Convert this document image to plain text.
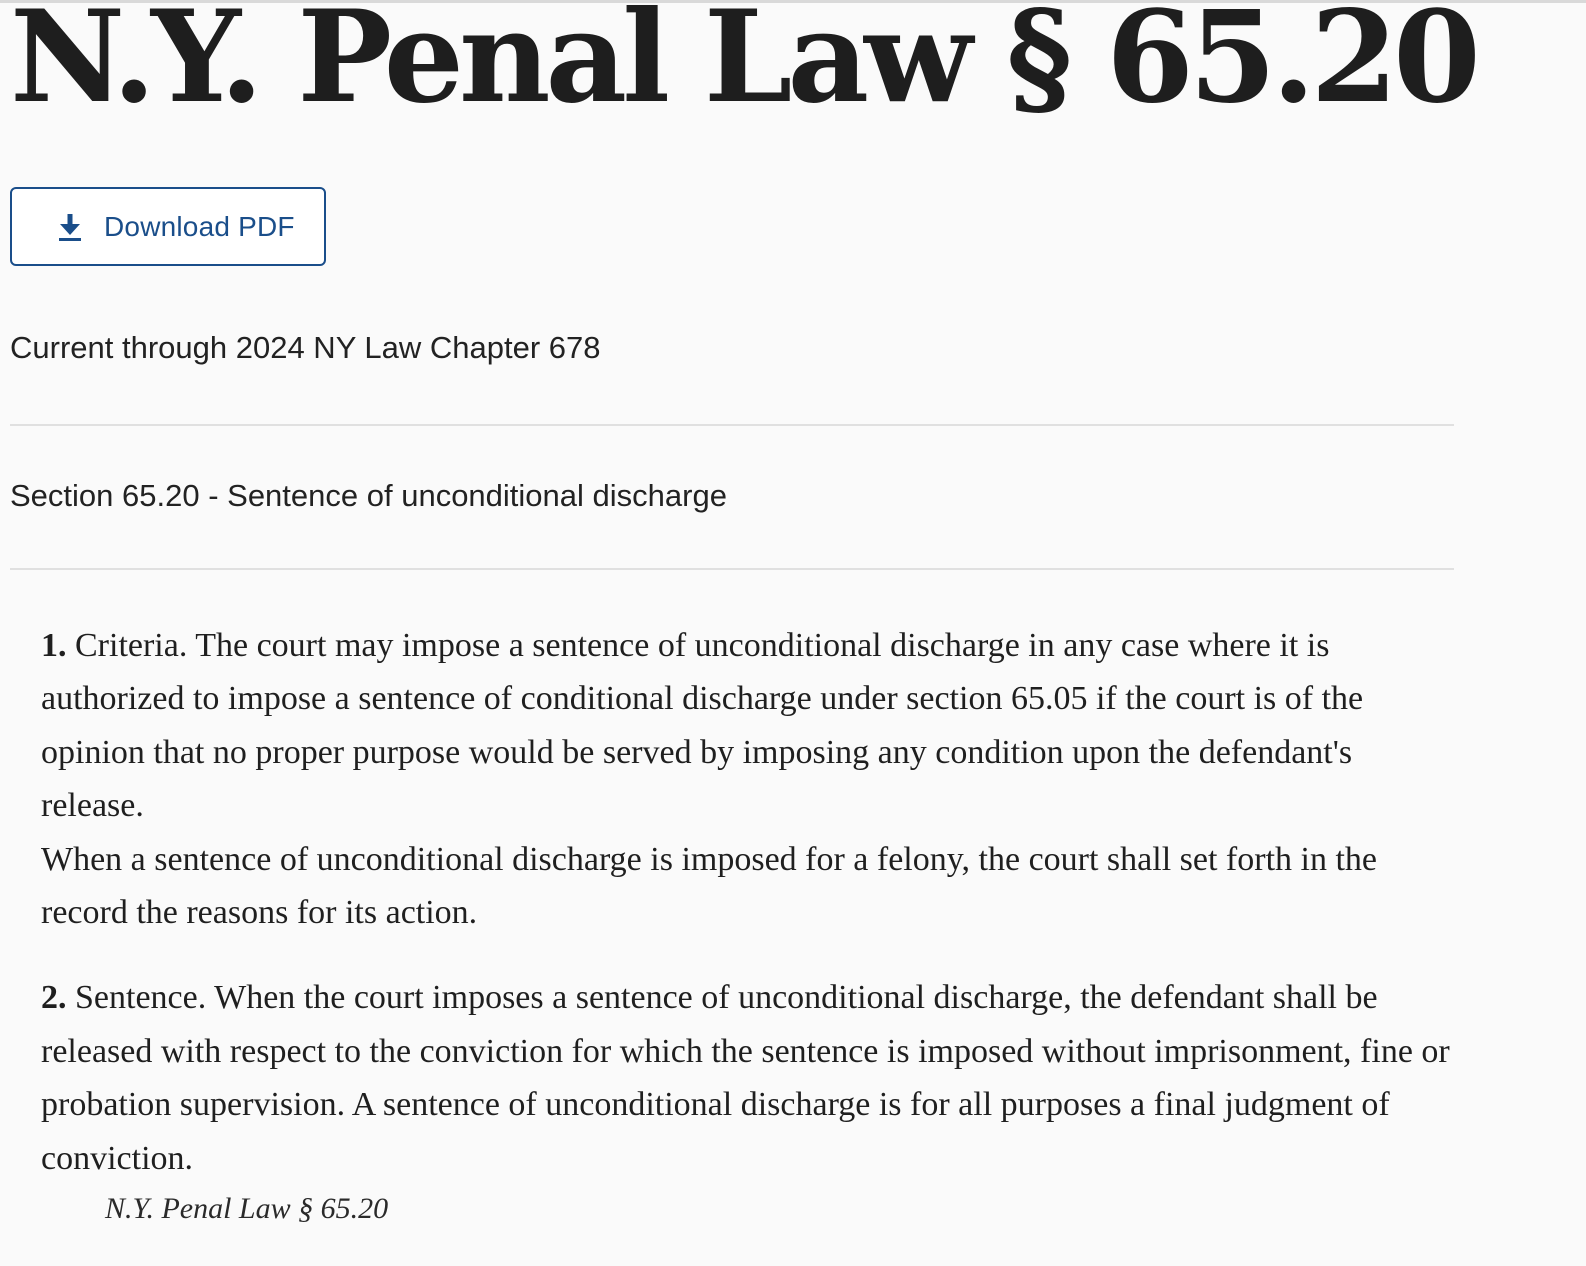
N.Y. Penal Law § 65.20
Download PDF

Current through 2024 NY Law Chapter 678

Section 65.20 - Sentence of unconditional discharge

1. Criteria. The court may impose a sentence of unconditional discharge in any case where it is authorized to impose a sentence of conditional discharge under section 65.05 if the court is of the opinion that no proper purpose would be served by imposing any condition upon the defendant's release.

When a sentence of unconditional discharge is imposed for a felony, the court shall set forth in the record the reasons for its action.

2. Sentence. When the court imposes a sentence of unconditional discharge, the defendant shall be released with respect to the conviction for which the sentence is imposed without imprisonment, fine or probation supervision. A sentence of unconditional discharge is for all purposes a final judgment of conviction.

N.Y. Penal Law § 65.20
